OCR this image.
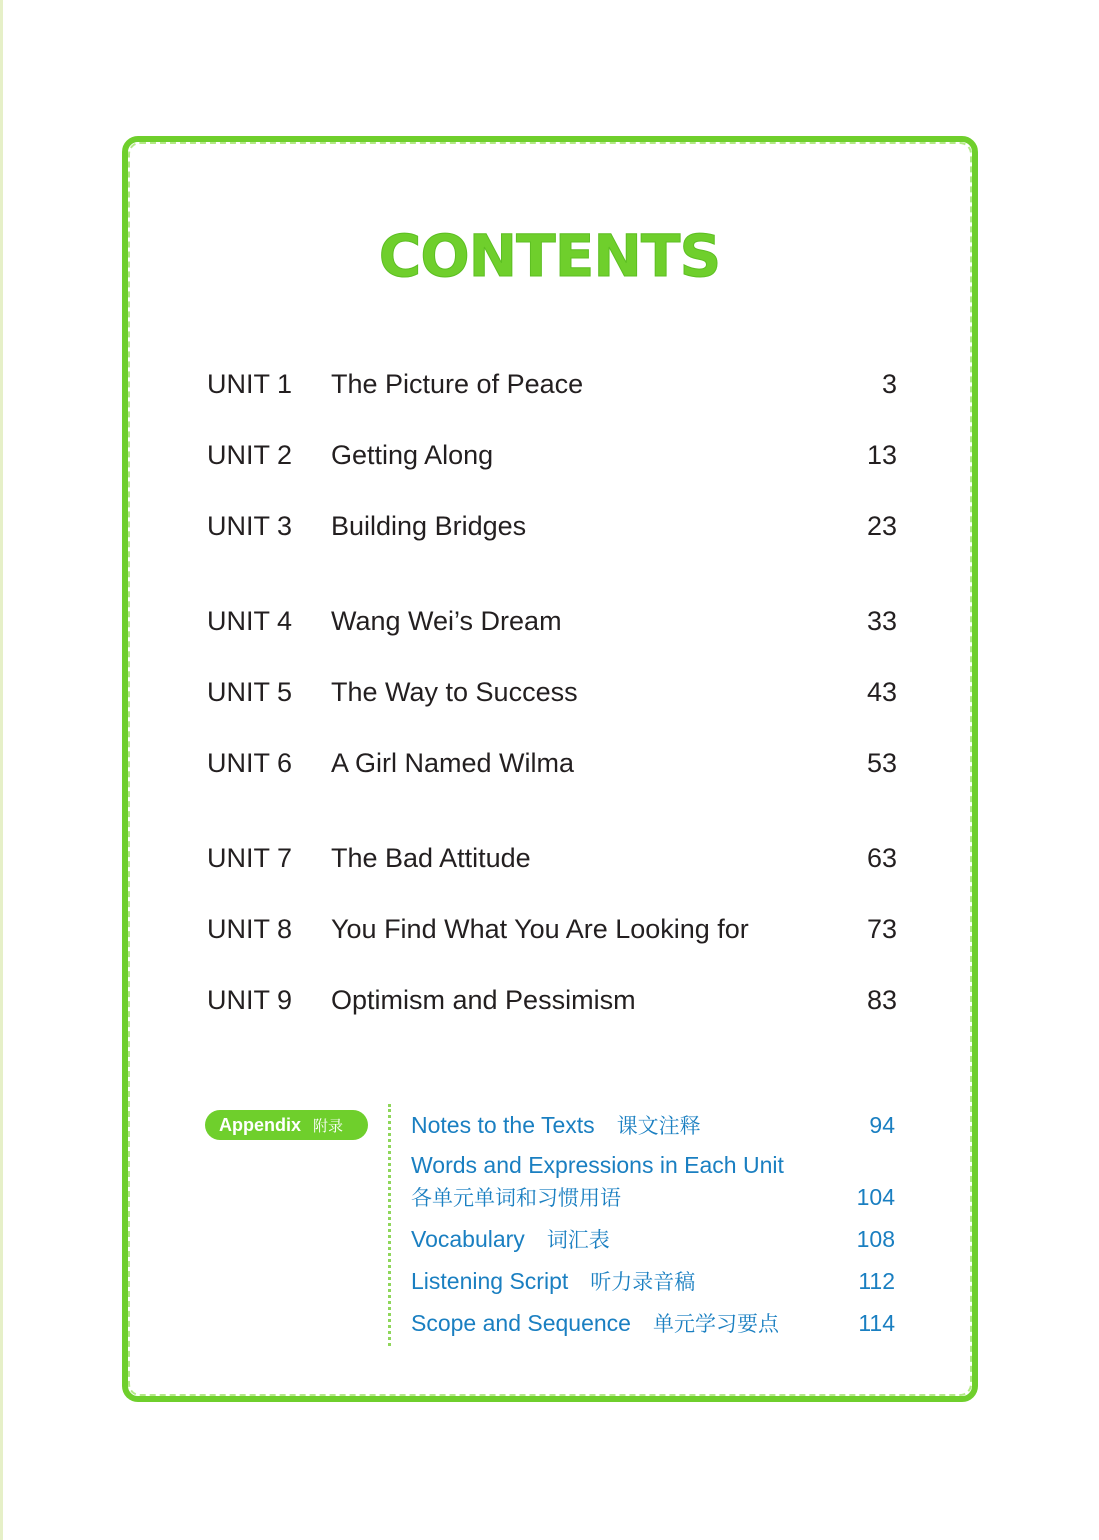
CONTENTS
UNIT 1 The Picture of Peace	3
UNIT 2 Getting Along	13
UNIT 3 Building Bridges	23
UNIT 4 Wang Wei’s Dream	33
UNIT 5 The Way to Success	43
UNIT 6 A Girl Named Wilma	53
UNIT 7 The Bad Attitude	63
UNIT 8 You Find What You Are Looking for	73
UNIT 9 Optimism and Pessimism	83
Appendix 附录	Notes to the Texts 课文注释	94
Words and Expressions in Each Unit
各单元单词和习惯用语	104
Vocabulary 词汇表	108
Listening Script 听力录音稿	112
Scope and Sequence 单元学习要点	114
